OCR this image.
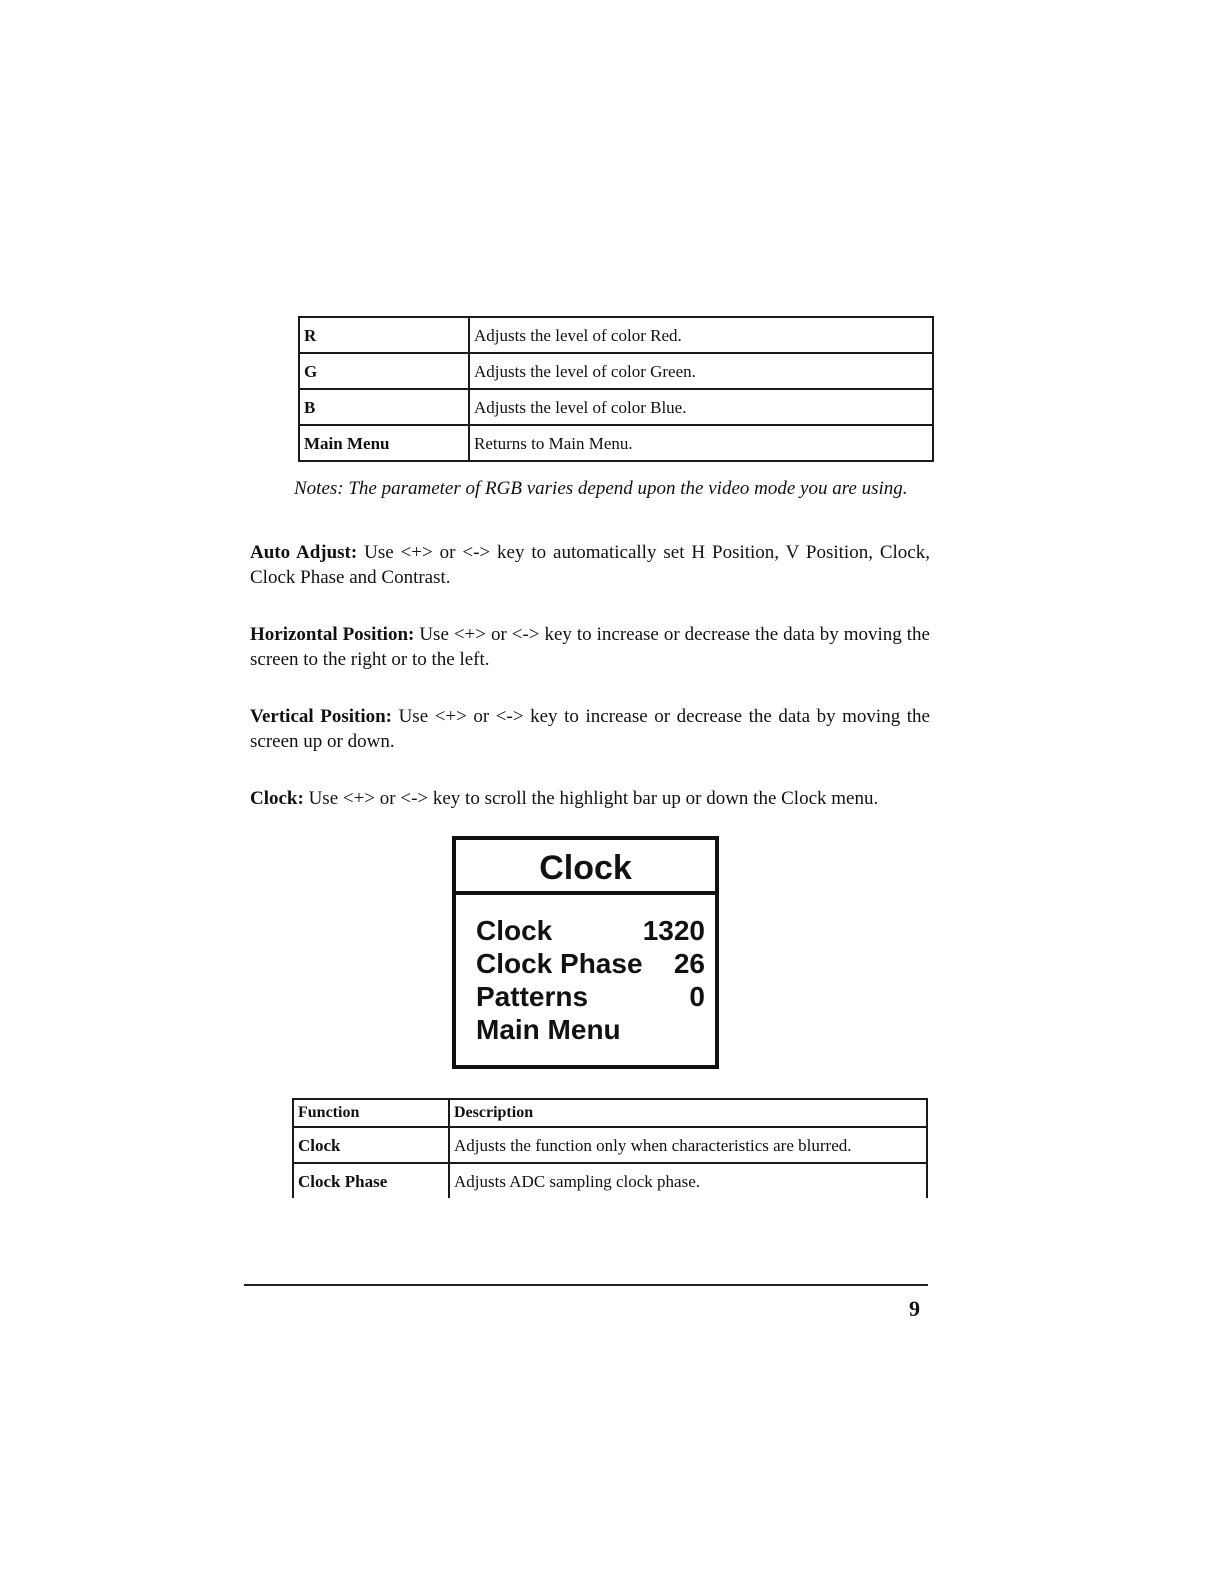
R	Adjusts the level of color Red.
G	Adjusts the level of color Green.
B	Adjusts the level of color Blue.
Main Menu	Returns to Main Menu.
Notes: The parameter of RGB varies depend upon the video mode you are using.
Auto Adjust: Use <+> or <-> key to automatically set H Position, V Position, Clock, Clock Phase and Contrast.
Horizontal Position: Use <+> or <-> key to increase or decrease the data by moving the screen to the right or to the left.
Vertical Position: Use <+> or <-> key to increase or decrease the data by moving the screen up or down.
Clock: Use <+> or <-> key to scroll the highlight bar up or down the Clock menu.
Clock
Clock	1320
Clock Phase 26
Patterns	0
Main Menu
Function	Description
Clock	Adjusts the function only when characteristics are blurred.
Clock Phase	Adjusts ADC sampling clock phase.
9
